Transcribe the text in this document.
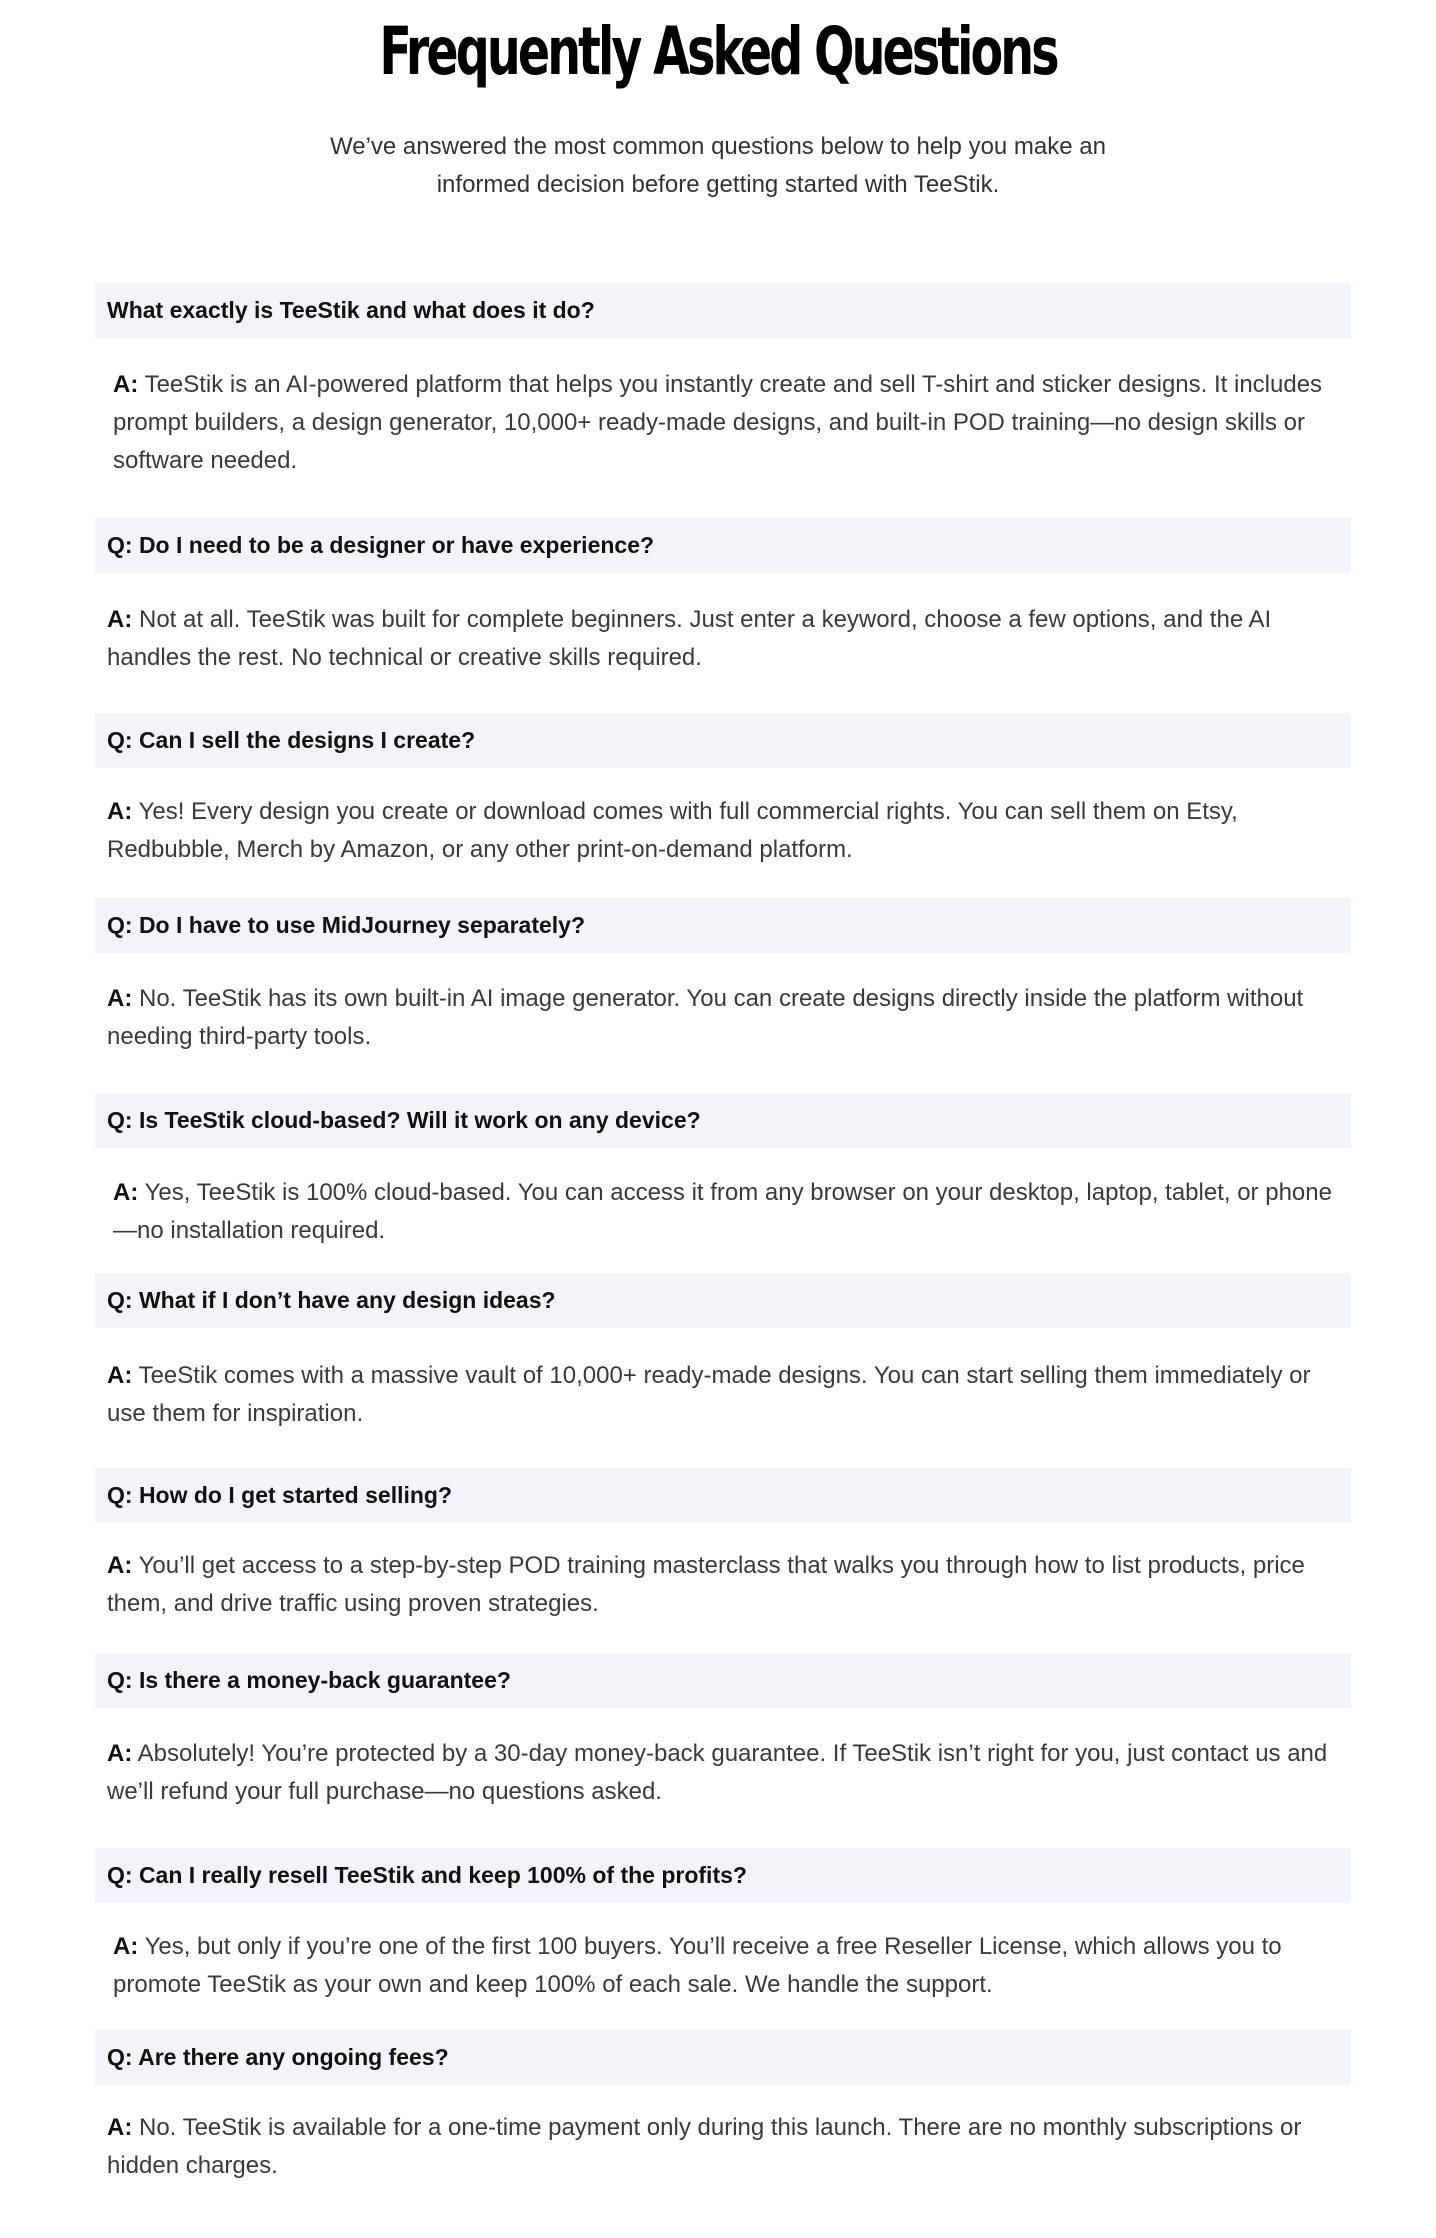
Frequently Asked Questions

We’ve answered the most common questions below to help you make an informed decision before getting started with TeeStik.

What exactly is TeeStik and what does it do?

A: TeeStik is an AI-powered platform that helps you instantly create and sell T-shirt and sticker designs. It includes prompt builders, a design generator, 10,000+ ready-made designs, and built-in POD training—no design skills or software needed.

Q: Do I need to be a designer or have experience?

A: Not at all. TeeStik was built for complete beginners. Just enter a keyword, choose a few options, and the AI handles the rest. No technical or creative skills required.

Q: Can I sell the designs I create?

A: Yes! Every design you create or download comes with full commercial rights. You can sell them on Etsy, Redbubble, Merch by Amazon, or any other print-on-demand platform.

Q: Do I have to use MidJourney separately?

A: No. TeeStik has its own built-in AI image generator. You can create designs directly inside the platform without needing third-party tools.

Q: Is TeeStik cloud-based? Will it work on any device?

A: Yes, TeeStik is 100% cloud-based. You can access it from any browser on your desktop, laptop, tablet, or phone—no installation required.

Q: What if I don’t have any design ideas?

A: TeeStik comes with a massive vault of 10,000+ ready-made designs. You can start selling them immediately or use them for inspiration.

Q: How do I get started selling?

A: You’ll get access to a step-by-step POD training masterclass that walks you through how to list products, price them, and drive traffic using proven strategies.

Q: Is there a money-back guarantee?

A: Absolutely! You’re protected by a 30-day money-back guarantee. If TeeStik isn’t right for you, just contact us and we’ll refund your full purchase—no questions asked.

Q: Can I really resell TeeStik and keep 100% of the profits?

A: Yes, but only if you’re one of the first 100 buyers. You’ll receive a free Reseller License, which allows you to promote TeeStik as your own and keep 100% of each sale. We handle the support.

Q: Are there any ongoing fees?

A: No. TeeStik is available for a one-time payment only during this launch. There are no monthly subscriptions or hidden charges.
